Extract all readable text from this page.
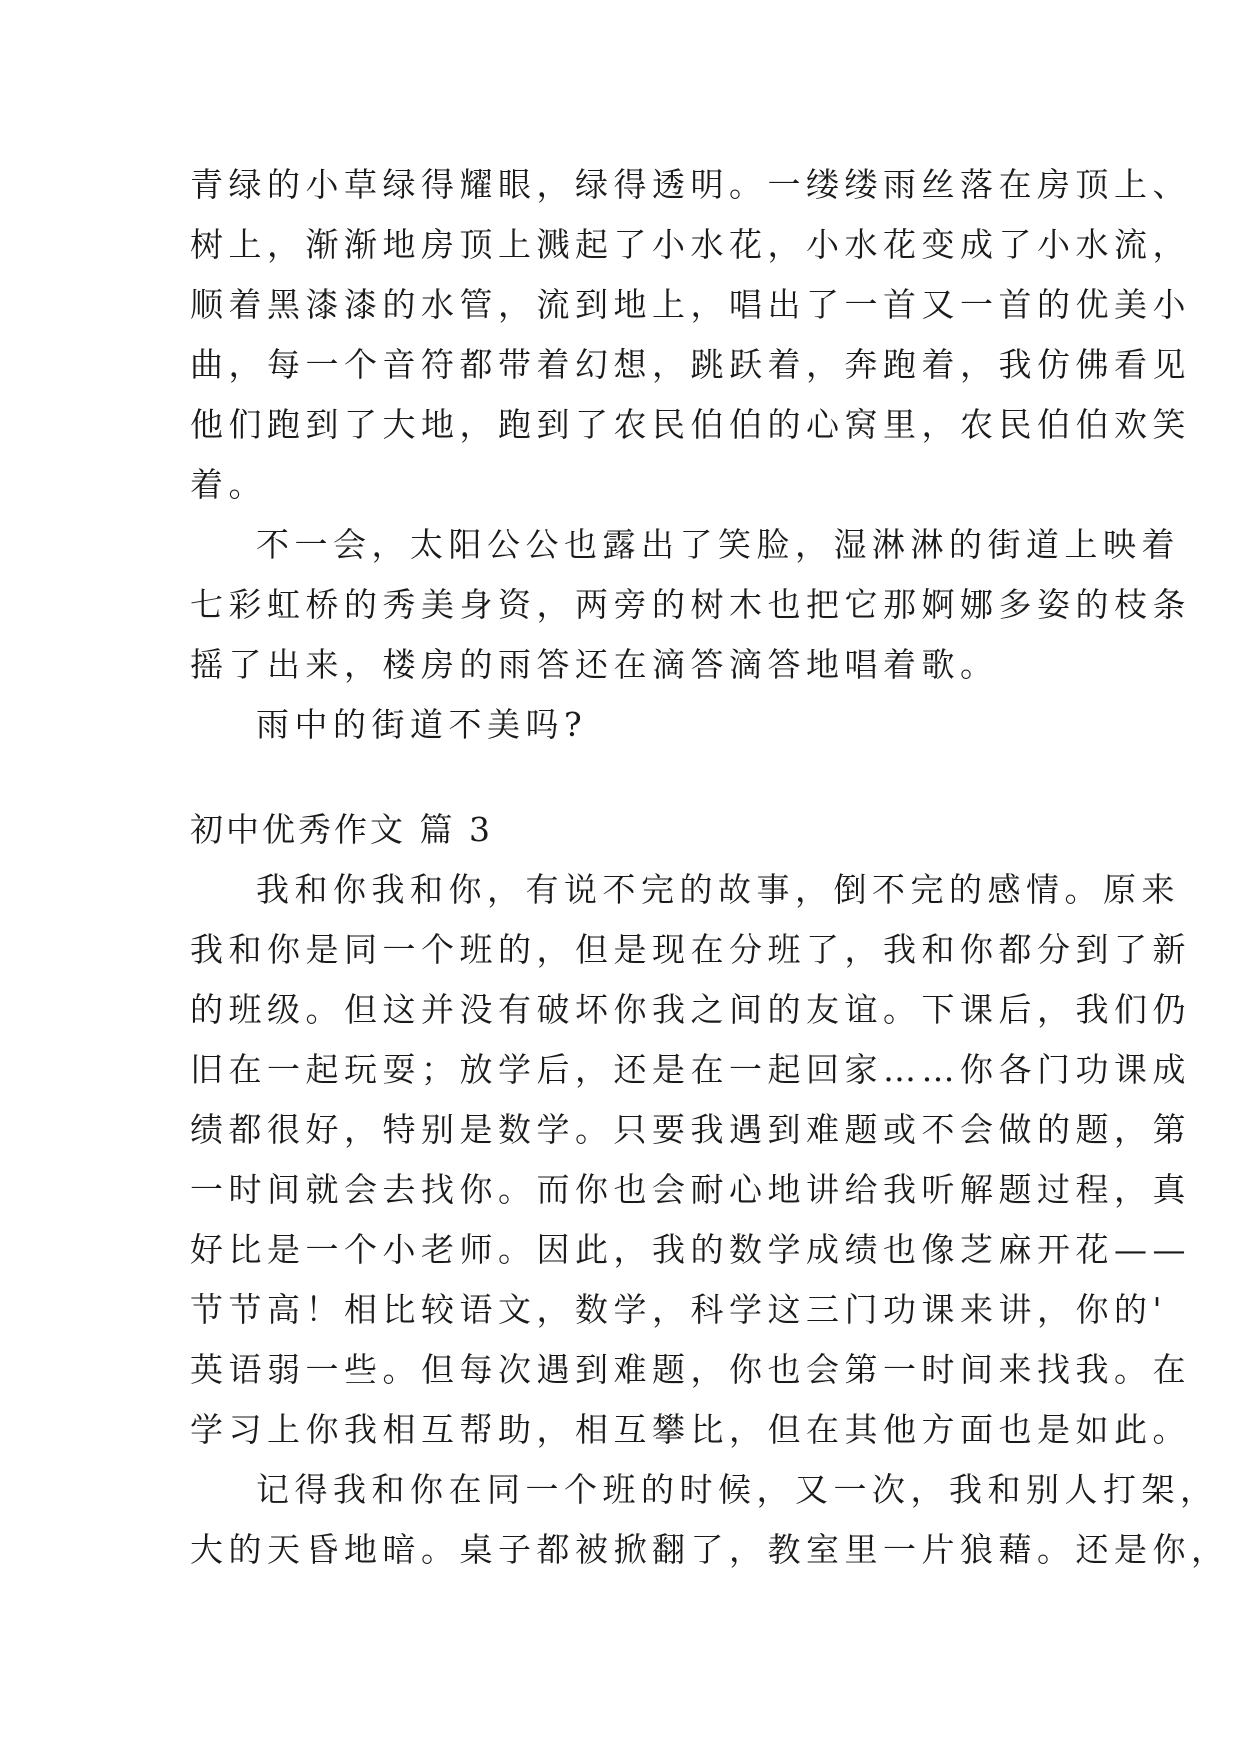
青绿的小草绿得耀眼，绿得透明。一缕缕雨丝落在房顶上、
树上，渐渐地房顶上溅起了小水花，小水花变成了小水流，
顺着黑漆漆的水管，流到地上，唱出了一首又一首的优美小
曲，每一个音符都带着幻想，跳跃着，奔跑着，我仿佛看见
他们跑到了大地，跑到了农民伯伯的心窝里，农民伯伯欢笑
着。
不一会，太阳公公也露出了笑脸，湿淋淋的街道上映着
七彩虹桥的秀美身资，两旁的树木也把它那婀娜多姿的枝条
摇了出来，楼房的雨答还在滴答滴答地唱着歌。
雨中的街道不美吗?
初中优秀作文 篇 3
我和你我和你，有说不完的故事，倒不完的感情。原来
我和你是同一个班的，但是现在分班了，我和你都分到了新
的班级。但这并没有破坏你我之间的友谊。下课后，我们仍
旧在一起玩耍；放学后，还是在一起回家……你各门功课成
绩都很好，特别是数学。只要我遇到难题或不会做的题，第
一时间就会去找你。而你也会耐心地讲给我听解题过程，真
好比是一个小老师。因此，我的数学成绩也像芝麻开花——
节节高！相比较语文，数学，科学这三门功课来讲，你的'
英语弱一些。但每次遇到难题，你也会第一时间来找我。在
学习上你我相互帮助，相互攀比，但在其他方面也是如此。
记得我和你在同一个班的时候，又一次，我和别人打架，
大的天昏地暗。桌子都被掀翻了，教室里一片狼藉。还是你，
